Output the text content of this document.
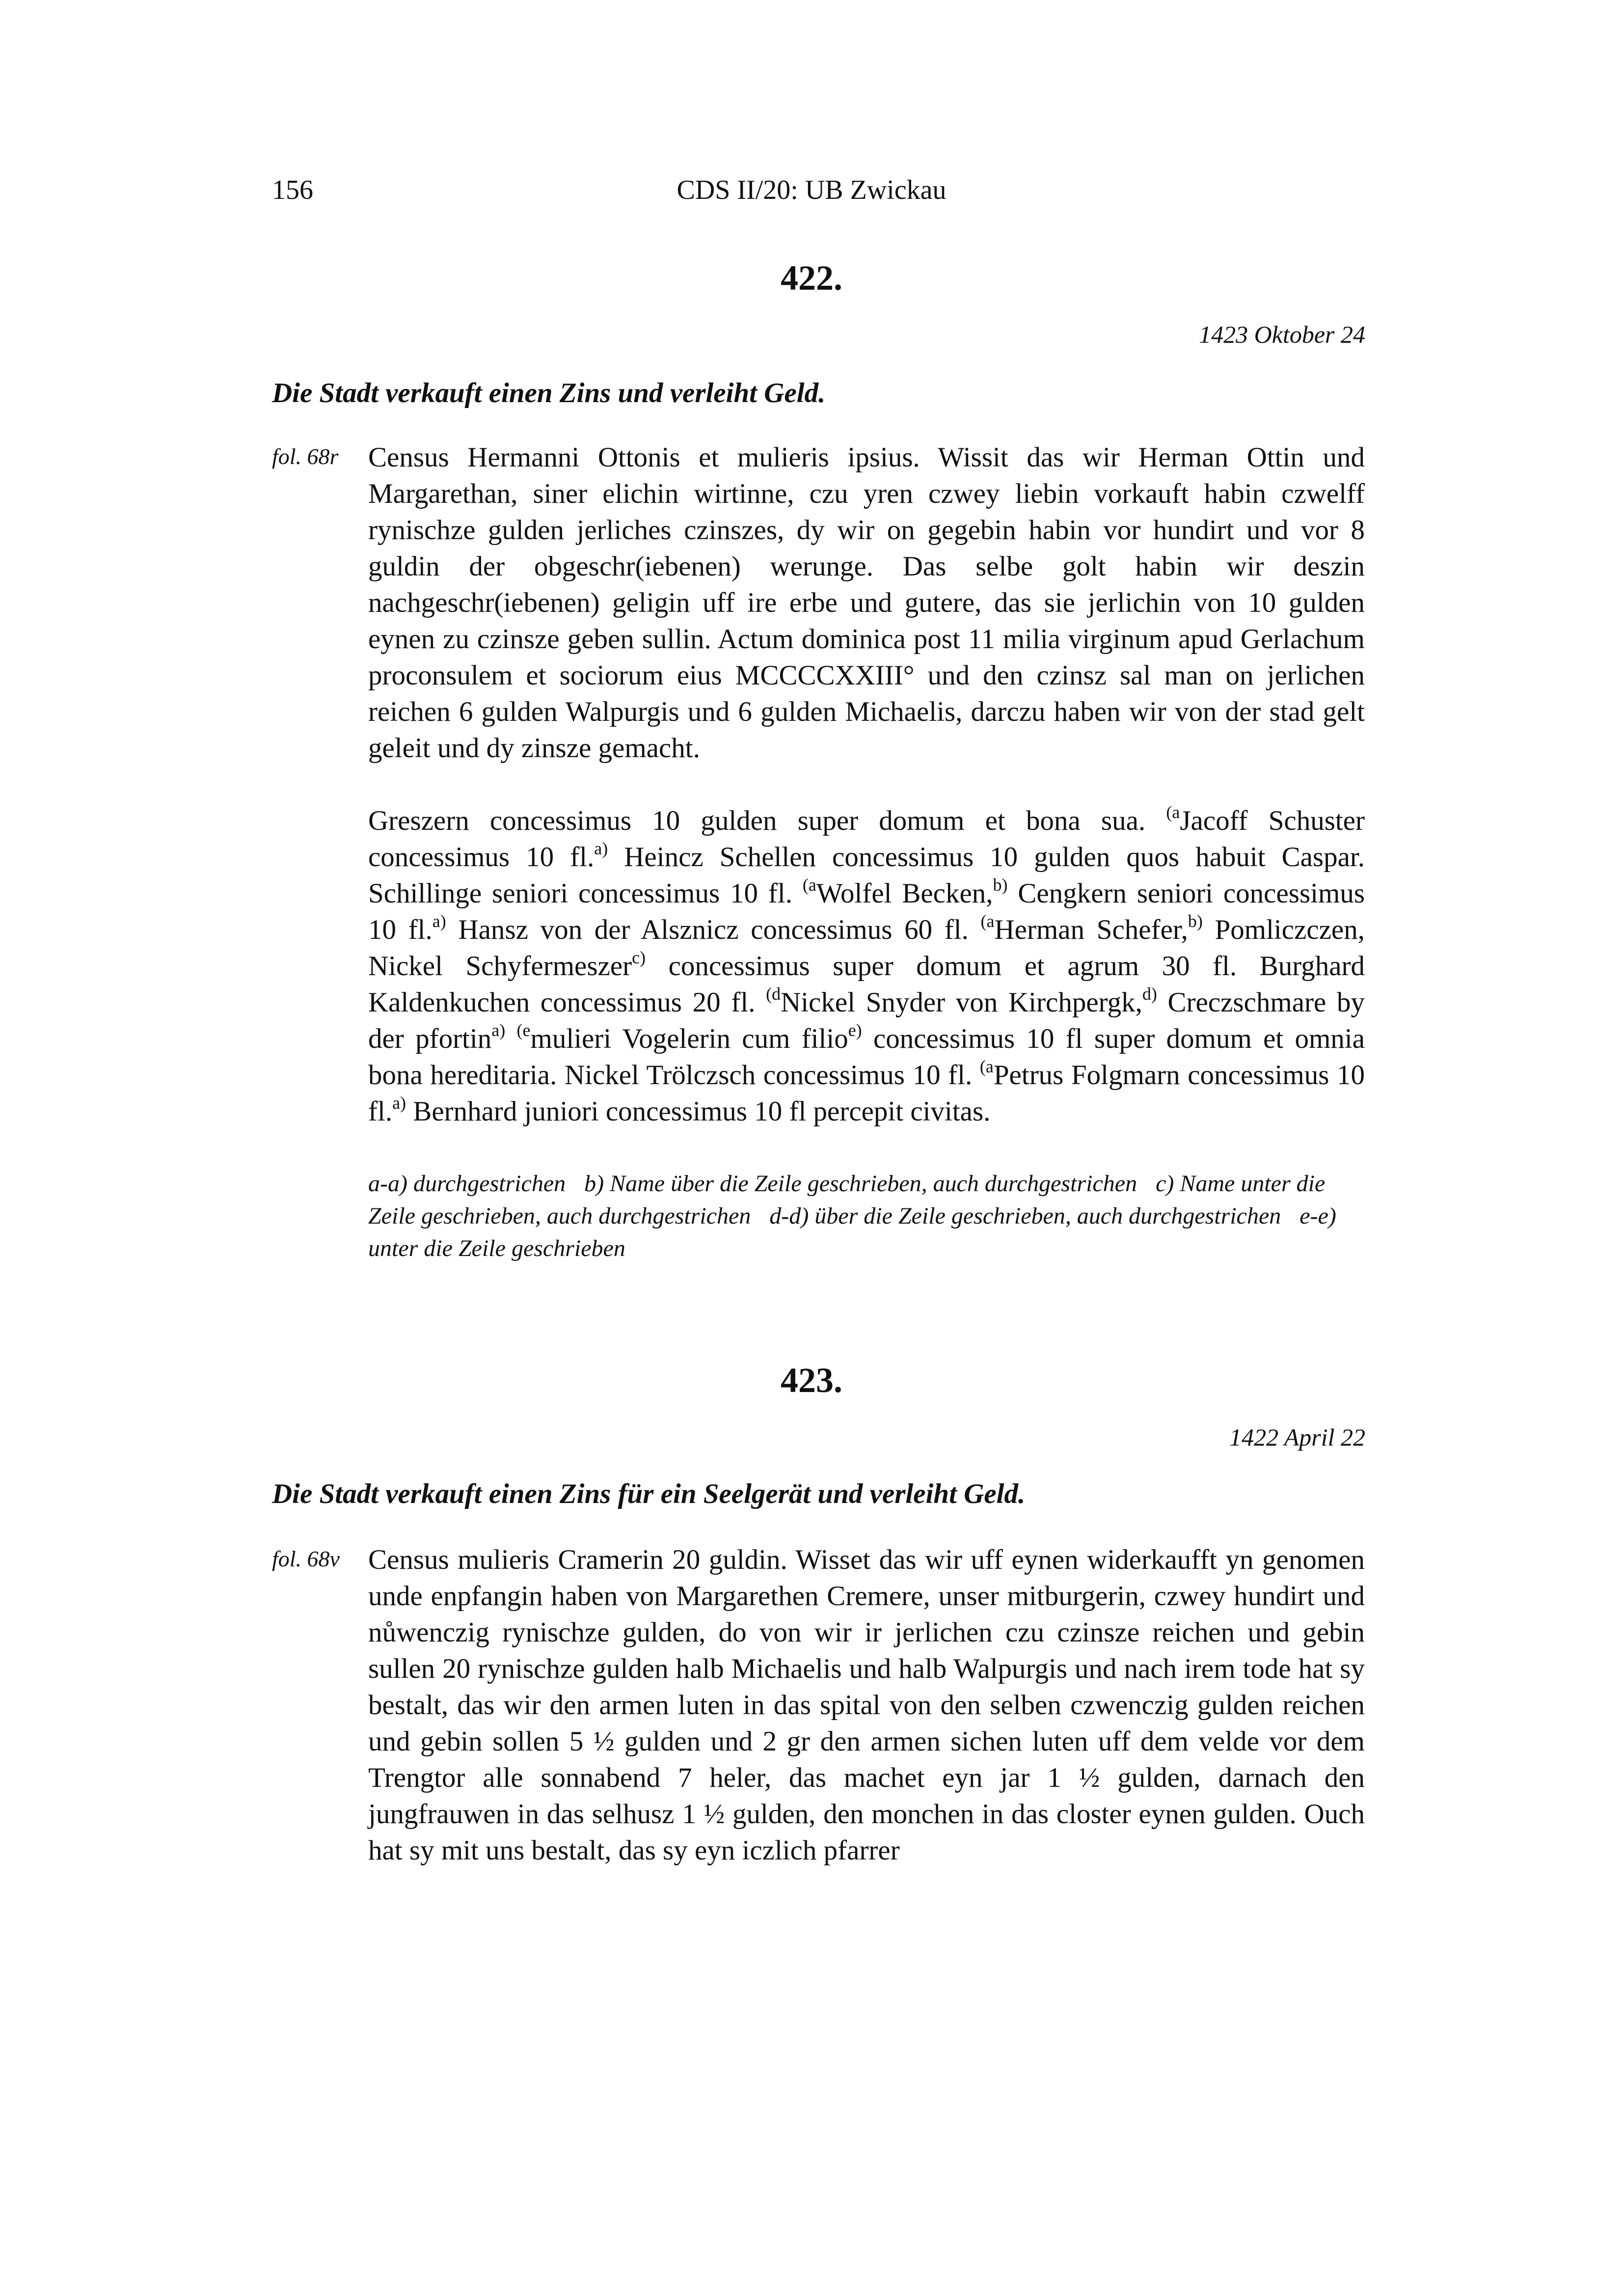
156	CDS II/20: UB Zwickau
422.
1423 Oktober 24
Die Stadt verkauft einen Zins und verleiht Geld.
fol. 68r Census Hermanni Ottonis et mulieris ipsius. Wissit das wir Herman Ottin und Margarethan, siner elichin wirtinne, czu yren czwey liebin vorkauft habin czwelff rynischze gulden jerliches czinszes, dy wir on gegebin habin vor hundirt und vor 8 guldin der obgeschr(iebenen) werunge. Das selbe golt habin wir deszin nachgeschr(iebenen) geligin uff ire erbe und gutere, das sie jerlichin von 10 gulden eynen zu czinsze geben sullin. Actum dominica post 11 milia virginum apud Gerlachum proconsulem et sociorum eius MCCCCXXIII° und den czinsz sal man on jerlichen reichen 6 gulden Walpurgis und 6 gulden Michaelis, darczu haben wir von der stad gelt geleit und dy zinsze gemacht.

Greszern concessimus 10 gulden super domum et bona sua. $^{(a}$Jacoff Schuster concessimus 10 fl.$^{a)}$ Heincz Schellen concessimus 10 gulden quos habuit Caspar. Schillinge seniori concessimus 10 fl. $^{(a}$Wolfel Becken,$^{b)}$ Cengkern seniori concessimus 10 fl.$^{a)}$ Hansz von der Alsznicz concessimus 60 fl. $^{(a}$Herman Schefer,$^{b)}$ Pomliczczen, Nickel Schyfermeszer$^{c)}$ concessimus super domum et agrum 30 fl. Burghard Kaldenkuchen concessimus 20 fl. $^{(d}$Nickel Snyder von Kirchpergk,$^{d)}$ Creczschmare by der pfortin$^{a)}$ $^{(e}$mulieri Vogelerin cum filio$^{e)}$ concessimus 10 fl super domum et omnia bona hereditaria. Nickel Trölczsch concessimus 10 fl. $^{(a}$Petrus Folgmarn concessimus 10 fl.$^{a)}$ Bernhard juniori concessimus 10 fl percepit civitas.

a-a) durchgestrichen b) Name über die Zeile geschrieben, auch durchgestrichen c) Name unter die Zeile geschrieben, auch durchgestrichen d-d) über die Zeile geschrieben, auch durchgestrichen e-e) unter die Zeile geschrieben

423.
1422 April 22
Die Stadt verkauft einen Zins für ein Seelgerät und verleiht Geld.
fol. 68v Census mulieris Cramerin 20 guldin. Wisset das wir uff eynen widerkaufft yn genomen unde enpfangin haben von Margarethen Cremere, unser mitburgerin, czwey hundirt und nůwenczig rynischze gulden, do von wir ir jerlichen czu czinsze reichen und gebin sullen 20 rynischze gulden halb Michaelis und halb Walpurgis und nach irem tode hat sy bestalt, das wir den armen luten in das spital von den selben czwenczig gulden reichen und gebin sollen 5 ½ gulden und 2 gr den armen sichen luten uff dem velde vor dem Trengtor alle sonnabend 7 heler, das machet eyn jar 1 ½ gulden, darnach den jungfrauwen in das selhusz 1 ½ gulden, den monchen in das closter eynen gulden. Ouch hat sy mit uns bestalt, das sy eyn iczlich pfarrer
